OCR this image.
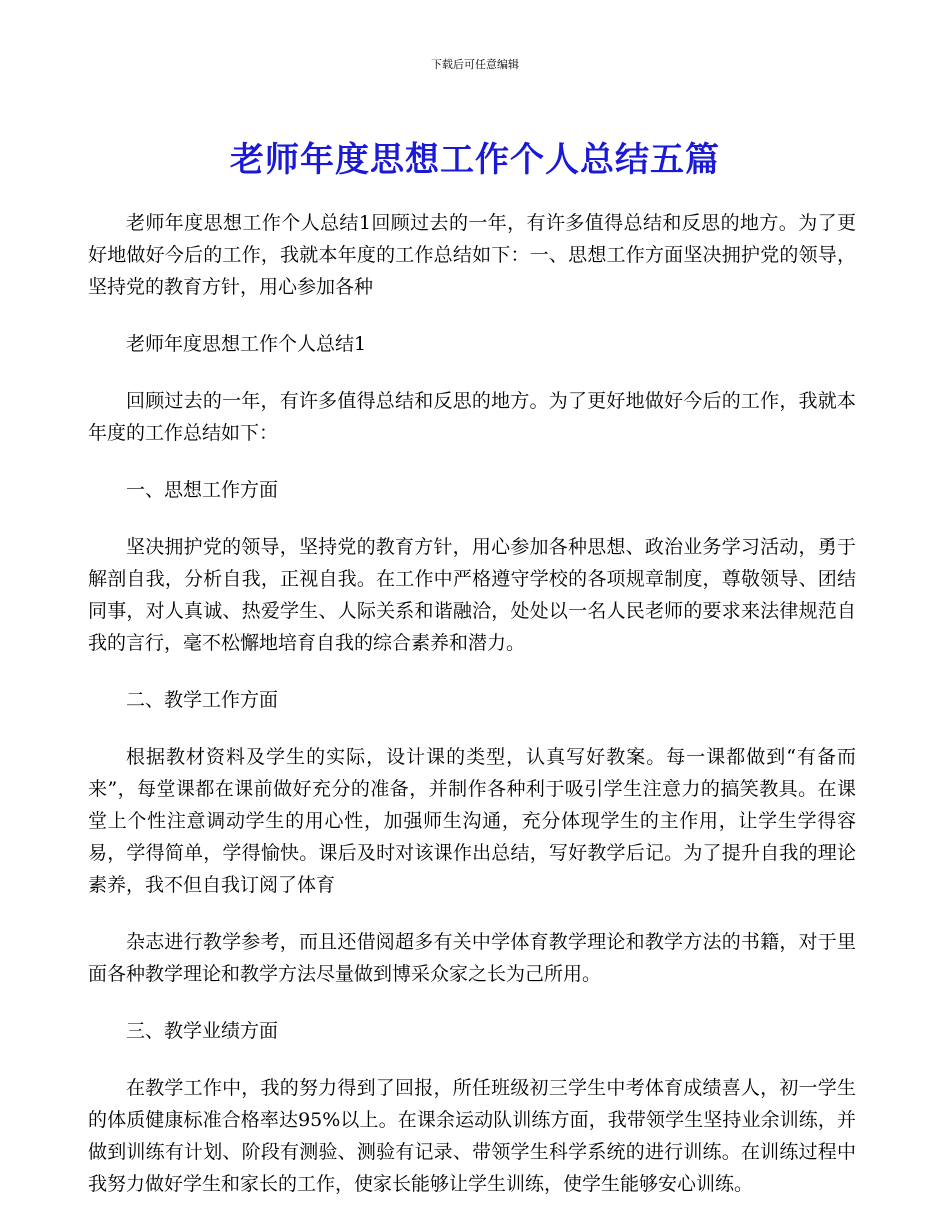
下载后可任意编辑
老师年度思想工作个人总结五篇

老师年度思想工作个人总结1回顾过去的一年，有许多值得总结和反思的地方。为了更好地做好今后的工作，我就本年度的工作总结如下：一、思想工作方面坚决拥护党的领导，坚持党的教育方针，用心参加各种

老师年度思想工作个人总结1

回顾过去的一年，有许多值得总结和反思的地方。为了更好地做好今后的工作，我就本年度的工作总结如下：

一、思想工作方面

坚决拥护党的领导，坚持党的教育方针，用心参加各种思想、政治业务学习活动，勇于解剖自我，分析自我，正视自我。在工作中严格遵守学校的各项规章制度，尊敬领导、团结同事，对人真诚、热爱学生、人际关系和谐融洽，处处以一名人民老师的要求来法律规范自我的言行，毫不松懈地培育自我的综合素养和潜力。

二、教学工作方面

根据教材资料及学生的实际，设计课的类型，认真写好教案。每一课都做到“有备而来”，每堂课都在课前做好充分的准备，并制作各种利于吸引学生注意力的搞笑教具。在课堂上个性注意调动学生的用心性，加强师生沟通，充分体现学生的主作用，让学生学得容易，学得简单，学得愉快。课后及时对该课作出总结，写好教学后记。为了提升自我的理论素养，我不但自我订阅了体育

杂志进行教学参考，而且还借阅超多有关中学体育教学理论和教学方法的书籍，对于里面各种教学理论和教学方法尽量做到博采众家之长为己所用。

三、教学业绩方面

在教学工作中，我的努力得到了回报，所任班级初三学生中考体育成绩喜人，初一学生的体质健康标准合格率达95%以上。在课余运动队训练方面，我带领学生坚持业余训练，并做到训练有计划、阶段有测验、测验有记录、带领学生科学系统的进行训练。在训练过程中我努力做好学生和家长的工作，使家长能够让学生训练，使学生能够安心训练。
